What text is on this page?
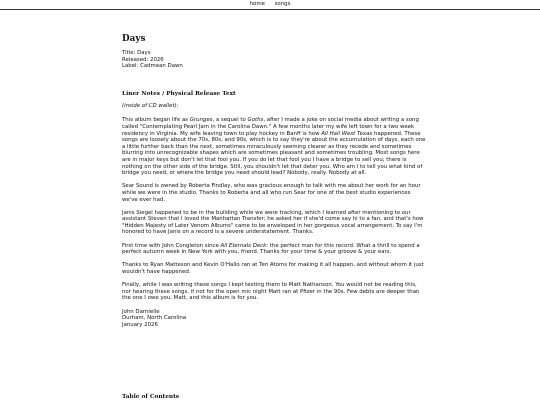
home songs
Days
Title: Days
Released: 2026
Label: Cadmean Dawn
Liner Notes / Physical Release Text
(inside of CD wallet):

This album began life as Grunges, a sequel to Goths, after I made a joke on social media about writing a song called "Contemplating Pearl Jam in the Carolina Dawn." A few months later my wife left town for a two week residency in Virginia. My wife leaving town to play hockey in Banff is how All Hail West Texas happened. These songs are loosely about the 70s, 80s, and 90s, which is to say they're about the accumulation of days, each one a little further back than the next, sometimes miraculously seeming clearer as they recede and sometimes blurring into unrecognizable shapes which are sometimes pleasant and sometimes troubling. Most songs here are in major keys but don't let that fool you. If you do let that fool you I have a bridge to sell you; there is nothing on the other side of the bridge. Still, you shouldn't let that deter you. Who am I to tell you what kind of bridge you need, or where the bridge you need should lead? Nobody, really. Nobody at all.

Sear Sound is owned by Roberta Findlay, who was gracious enough to talk with me about her work for an hour while we were in the studio. Thanks to Roberta and all who run Sear for one of the best studio experiences we've ever had.

Janis Siegel happened to be in the building while we were tracking, which I learned after mentioning to our assistant Steven that I loved the Manhattan Transfer; he asked her if she'd come say hi to a fan, and that's how "Hidden Majesty of Later Venom Albums" came to be enveloped in her gorgeous vocal arrangement. To say I'm honored to have Janis on a record is a severe understatement. Thanks.

First time with John Congleton since All Eternals Deck: the perfect man for this record. What a thrill to spend a perfect autumn week in New York with you, friend. Thanks for your time & your groove & your ears.

Thanks to Ryan Matteson and Kevin O'Hallo ran at Ten Atoms for making it all happen, and without whom it just wouldn't have happened.

Finally, while I was writing these songs I kept texting them to Matt Nathanson. You would not be reading this, nor hearing these songs, if not for the open mic night Matt ran at Pfizer in the 90s. Few debts are deeper than the one I owe you, Matt, and this album is for you.

John Darnielle
Durham, North Carolina
January 2026
Table of Contents
